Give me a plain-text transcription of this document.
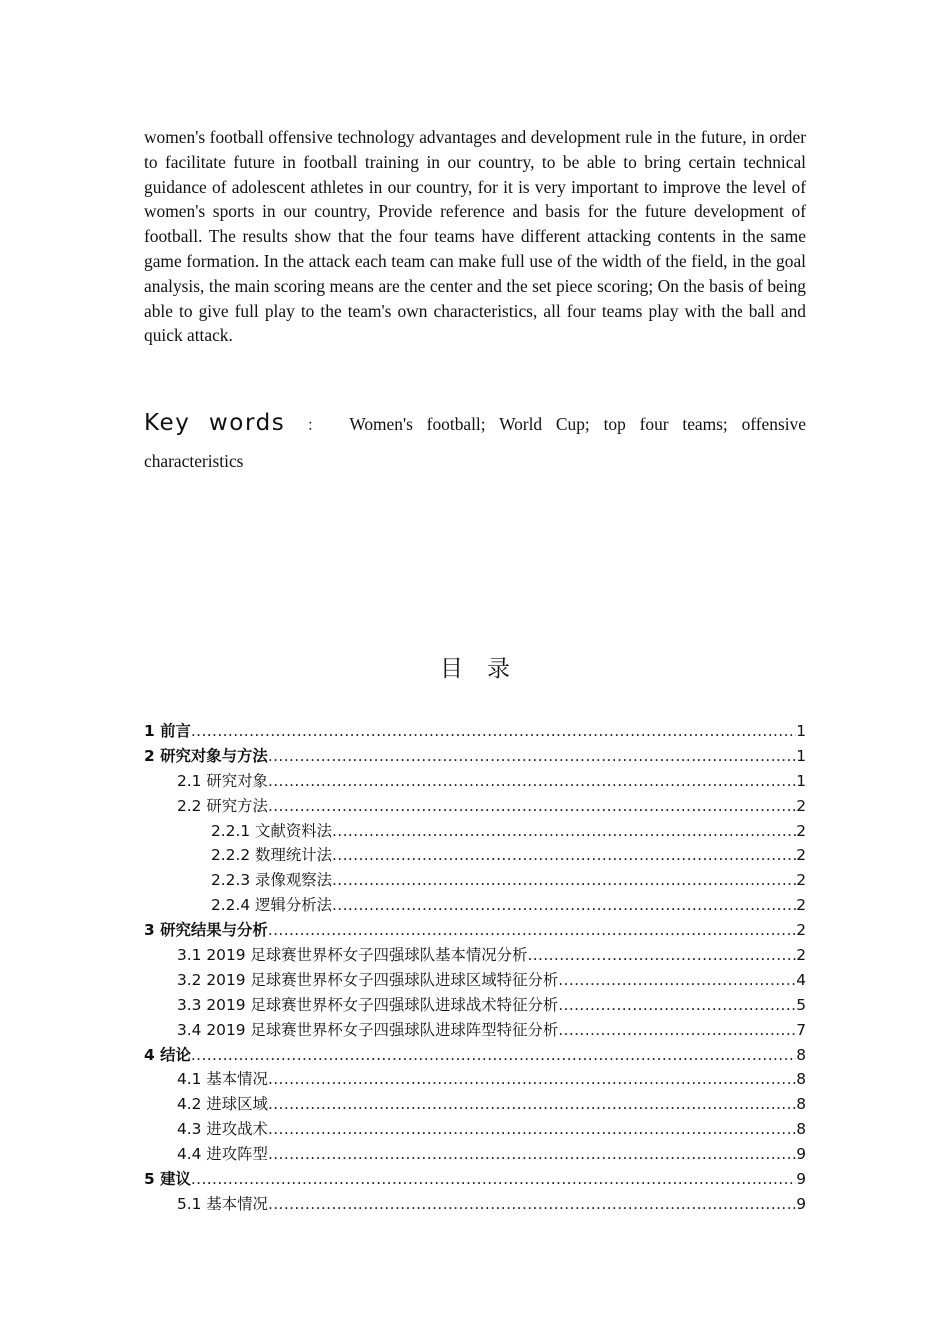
women's football offensive technology advantages and development rule in the future, in order to facilitate future in football training in our country, to be able to bring certain technical guidance of adolescent athletes in our country, for it is very important to improve the level of women's sports in our country, Provide reference and basis for the future development of football. The results show that the four teams have different attacking contents in the same game formation. In the attack each team can make full use of the width of the field, in the goal analysis, the main scoring means are the center and the set piece scoring; On the basis of being able to give full play to the team's own characteristics, all four teams play with the ball and quick attack.

Key words ： Women's football; World Cup; top four teams; offensive characteristics

目录
1 前言 .....	1
2 研究对象与方法 .....	1
2.1 研究对象 .....	1
2.2 研究方法 .....	2
2.2.1 文献资料法 .....	2
2.2.2 数理统计法 .....	2
2.2.3 录像观察法 .....	2
2.2.4 逻辑分析法 .....	2
3 研究结果与分析 .....	2
3.1 2019 足球赛世界杯女子四强球队基本情况分析 .....	2
3.2 2019 足球赛世界杯女子四强球队进球区域特征分析 .....	4
3.3 2019 足球赛世界杯女子四强球队进球战术特征分析 .....	5
3.4 2019 足球赛世界杯女子四强球队进球阵型特征分析 .....	7
4 结论 .....	8
4.1 基本情况 .....	8
4.2 进球区域 .....	8
4.3 进攻战术 .....	8
4.4 进攻阵型 .....	9
5 建议 .....	9
5.1 基本情况 .....	9
